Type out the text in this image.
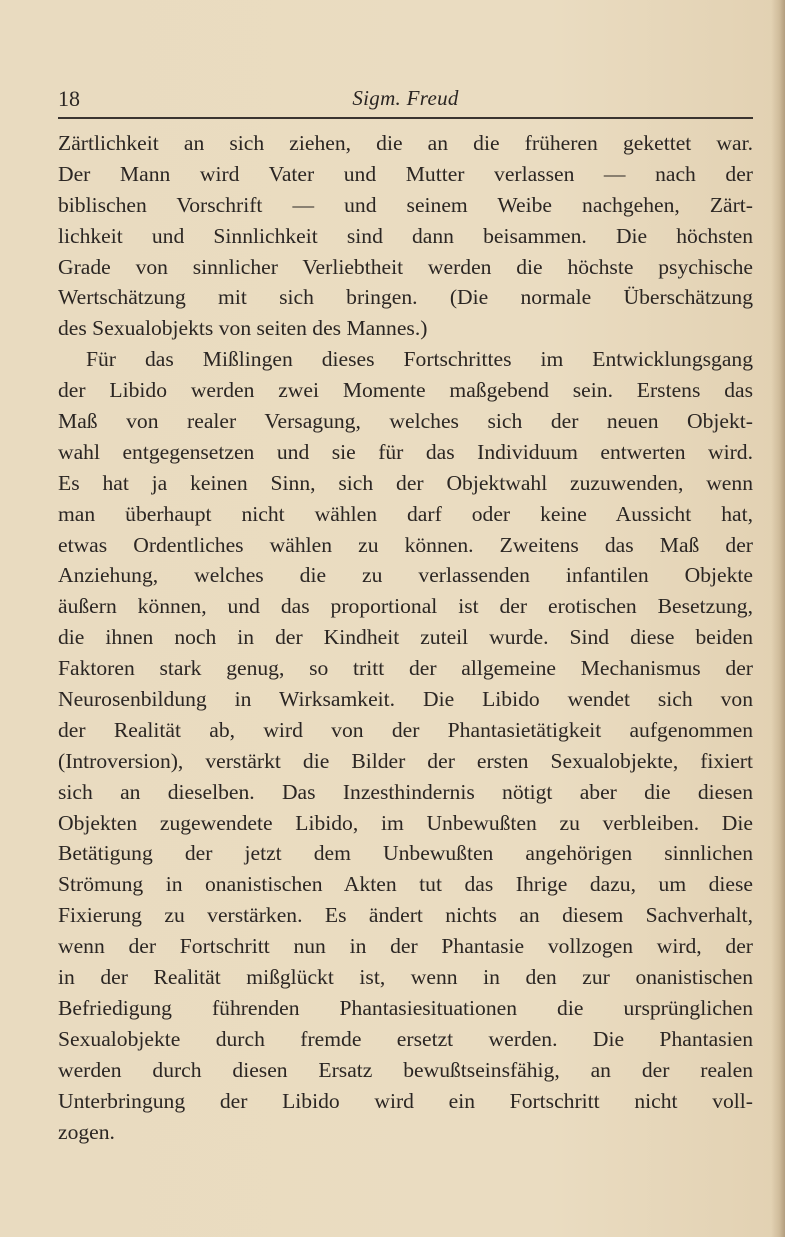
18	Sigm. Freud
Zärtlichkeit an sich ziehen, die an die früheren gekettet war.
Der Mann wird Vater und Mutter verlassen — nach der
biblischen Vorschrift — und seinem Weibe nachgehen, Zärt-
lichkeit und Sinnlichkeit sind dann beisammen. Die höchsten
Grade von sinnlicher Verliebtheit werden die höchste psychische
Wertschätzung mit sich bringen. (Die normale Überschätzung
des Sexualobjekts von seiten des Mannes.)
Für das Mißlingen dieses Fortschrittes im Entwicklungsgang
der Libido werden zwei Momente maßgebend sein. Erstens das
Maß von realer Versagung, welches sich der neuen Objekt-
wahl entgegensetzen und sie für das Individuum entwerten wird.
Es hat ja keinen Sinn, sich der Objektwahl zuzuwenden, wenn
man überhaupt nicht wählen darf oder keine Aussicht hat,
etwas Ordentliches wählen zu können. Zweitens das Maß der
Anziehung, welches die zu verlassenden infantilen Objekte
äußern können, und das proportional ist der erotischen Besetzung,
die ihnen noch in der Kindheit zuteil wurde. Sind diese beiden
Faktoren stark genug, so tritt der allgemeine Mechanismus der
Neurosenbildung in Wirksamkeit. Die Libido wendet sich von
der Realität ab, wird von der Phantasietätigkeit aufgenommen
(Introversion), verstärkt die Bilder der ersten Sexualobjekte, fixiert
sich an dieselben. Das Inzesthindernis nötigt aber die diesen
Objekten zugewendete Libido, im Unbewußten zu verbleiben. Die
Betätigung der jetzt dem Unbewußten angehörigen sinnlichen
Strömung in onanistischen Akten tut das Ihrige dazu, um diese
Fixierung zu verstärken. Es ändert nichts an diesem Sachverhalt,
wenn der Fortschritt nun in der Phantasie vollzogen wird, der
in der Realität mißglückt ist, wenn in den zur onanistischen
Befriedigung führenden Phantasiesituationen die ursprünglichen
Sexualobjekte durch fremde ersetzt werden. Die Phantasien
werden durch diesen Ersatz bewußtseinsfähig, an der realen
Unterbringung der Libido wird ein Fortschritt nicht voll-
zogen.
